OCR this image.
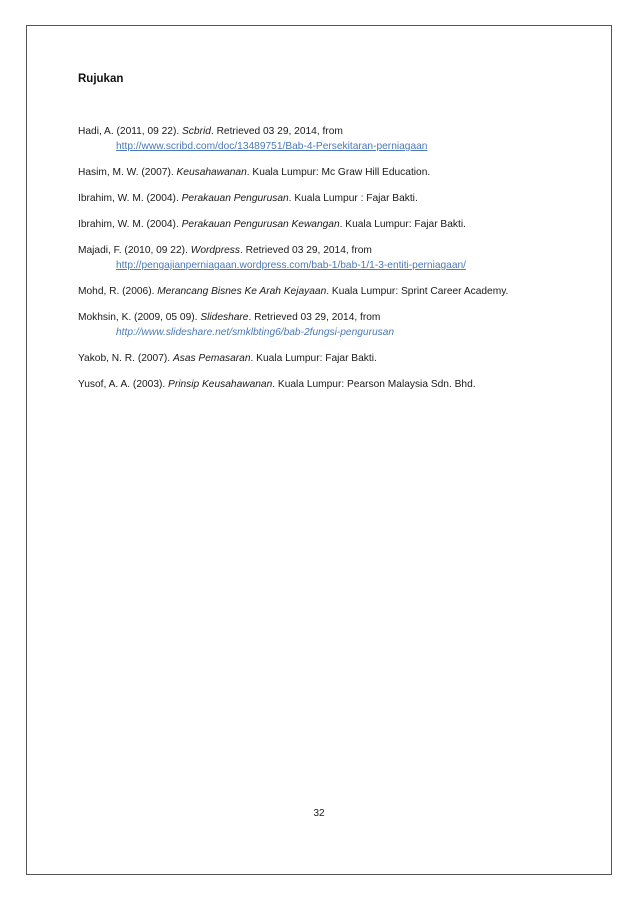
Rujukan
Hadi, A. (2011, 09 22). Scbrid. Retrieved 03 29, 2014, from
http://www.scribd.com/doc/13489751/Bab-4-Persekitaran-perniagaan
Hasim, M. W. (2007). Keusahawanan. Kuala Lumpur: Mc Graw Hill Education.
Ibrahim, W. M. (2004). Perakauan Pengurusan. Kuala Lumpur : Fajar Bakti.
Ibrahim, W. M. (2004). Perakauan Pengurusan Kewangan. Kuala Lumpur: Fajar Bakti.
Majadi, F. (2010, 09 22). Wordpress. Retrieved 03 29, 2014, from
http://pengajianperniagaan.wordpress.com/bab-1/bab-1/1-3-entiti-perniagaan/
Mohd, R. (2006). Merancang Bisnes Ke Arah Kejayaan. Kuala Lumpur: Sprint Career Academy.
Mokhsin, K. (2009, 05 09). Slideshare. Retrieved 03 29, 2014, from
http://www.slideshare.net/smklbting6/bab-2fungsi-pengurusan
Yakob, N. R. (2007). Asas Pemasaran. Kuala Lumpur: Fajar Bakti.
Yusof, A. A. (2003). Prinsip Keusahawanan. Kuala Lumpur: Pearson Malaysia Sdn. Bhd.
32
